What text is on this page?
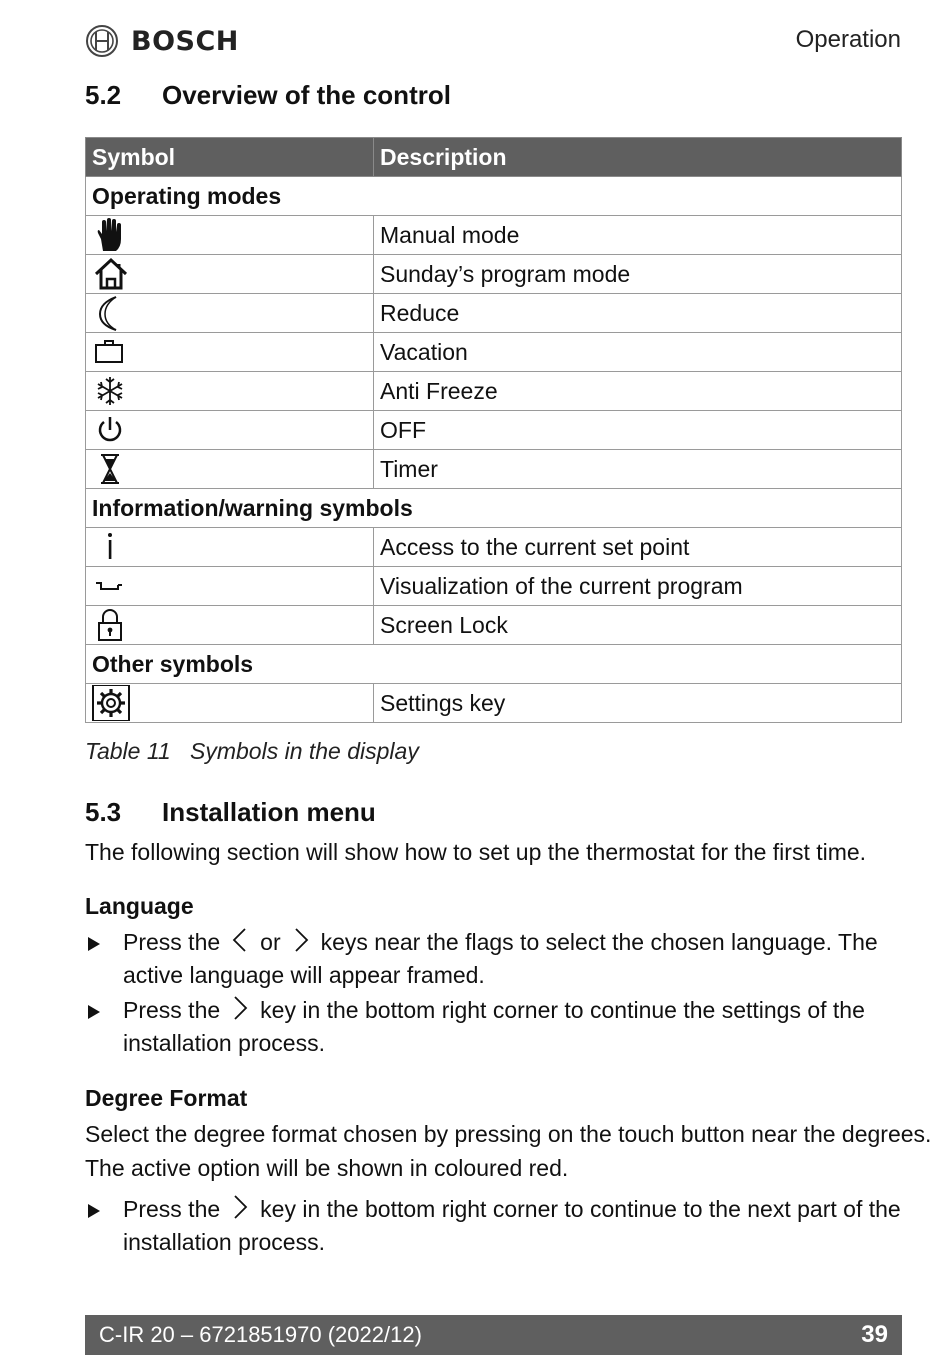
BOSCH	Operation
5.2 Overview of the control
Symbol	Description
Operating modes	

	Manual mode

	Sunday’s program mode

	Reduce

	Vacation

	Anti Freeze

	OFF

	Timer
Information/warning symbols	

	Access to the current set point

	Visualization of the current program

	Screen Lock
Other symbols	

	Settings key
Table 11 Symbols in the display
5.3 Installation menu
The following section will show how to set up the thermostat for the first time.
Language
Press the or keys near the flags to select the chosen language. The
active language will appear framed.
Press the key in the bottom right corner to continue the settings of the
installation process.
Degree Format
Select the degree format chosen by pressing on the touch button near the degrees.
The active option will be shown in coloured red.
Press the key in the bottom right corner to continue to the next part of the
installation process.
C-IR 20 – 6721851970 (2022/12)	39
